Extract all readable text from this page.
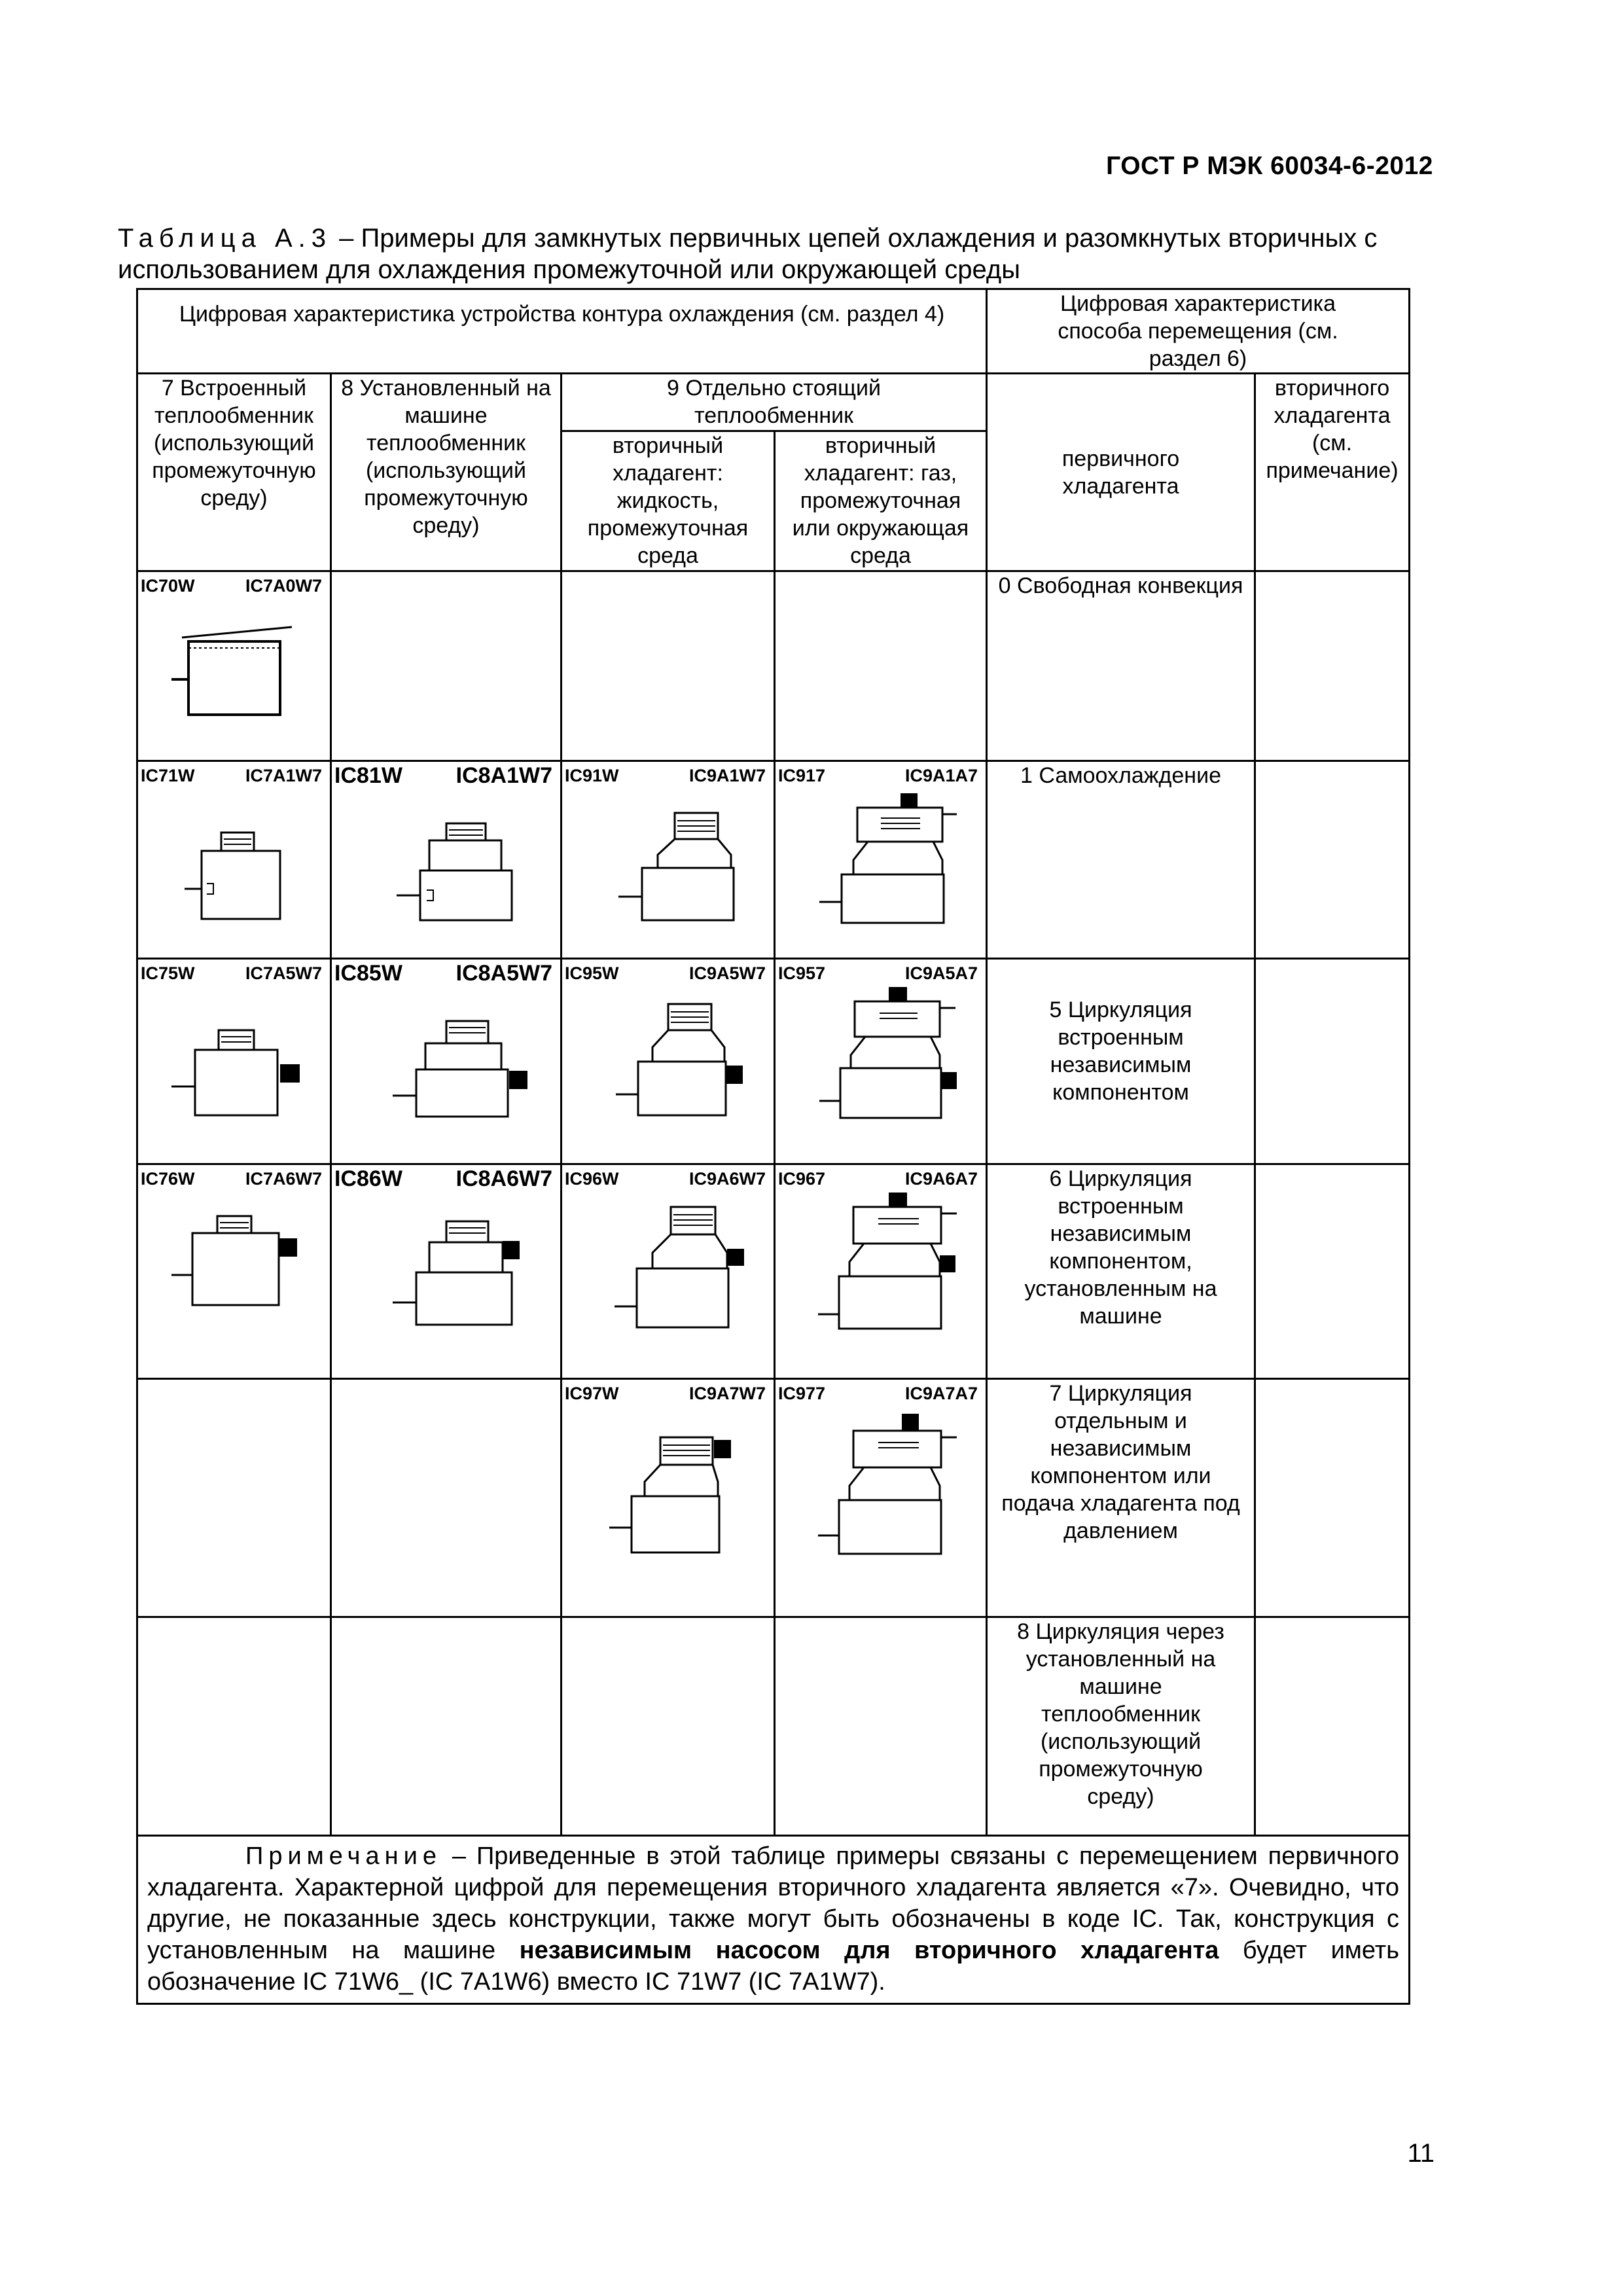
ГОСТ Р МЭК 60034-6-2012
Таблица А.3 – Примеры для замкнутых первичных цепей охлаждения и разомкнутых вторичных с использованием для охлаждения промежуточной или окружающей среды
Цифровая характеристика устройства контура охлаждения (см. раздел 4)				Цифровая характеристика способа перемещения (см. раздел 6)	
7 Встроенный теплообменник (использующий промежуточную среду)	8 Установленный на машине теплообменник (использующий промежуточную среду)	9 Отдельно стоящий теплообменник		первичного хладагента	вторичного хладагента (см. примечание)
		вторичный хладагент: жидкость, промежуточная среда	вторичный хладагент: газ, промежуточная или окружающая среда		

IC70W IC7A0W7				0 Свободная конвекция	

IC71W IC7A1W7	IC81W IC8A1W7	IC91W IC9A1W7	IC917 IC9A1A7	1 Самоохлаждение	

IC75W IC7A5W7	IC85W IC8A5W7	IC95W IC9A5W7	IC957 IC9A5A7	5 Циркуляция встроенным независимым компонентом	

IC76W IC7A6W7	IC86W IC8A6W7	IC96W IC9A6W7	IC967 IC9A6A7	6 Циркуляция встроенным независимым компонентом, установленным на машине	

		IC97W IC9A7W7	IC977 IC9A7A7	7 Циркуляция отдельным и независимым компонентом или подача хладагента под давлением	
				8 Циркуляция через установленный на машине теплообменник (использующий промежуточную среду)	
Примечание – Приведенные в этой таблице примеры связаны с перемещением первичного хладагента. Характерной цифрой для перемещения вторичного хладагента является «7». Очевидно, что другие, не показанные здесь конструкции, также могут быть обозначены в коде IC. Так, конструкция с установленным на машине независимым насосом для вторичного хладагента будет иметь обозначение IC 71W6_ (IC 7A1W6) вместо IC 71W7 (IC 7A1W7).					
11
